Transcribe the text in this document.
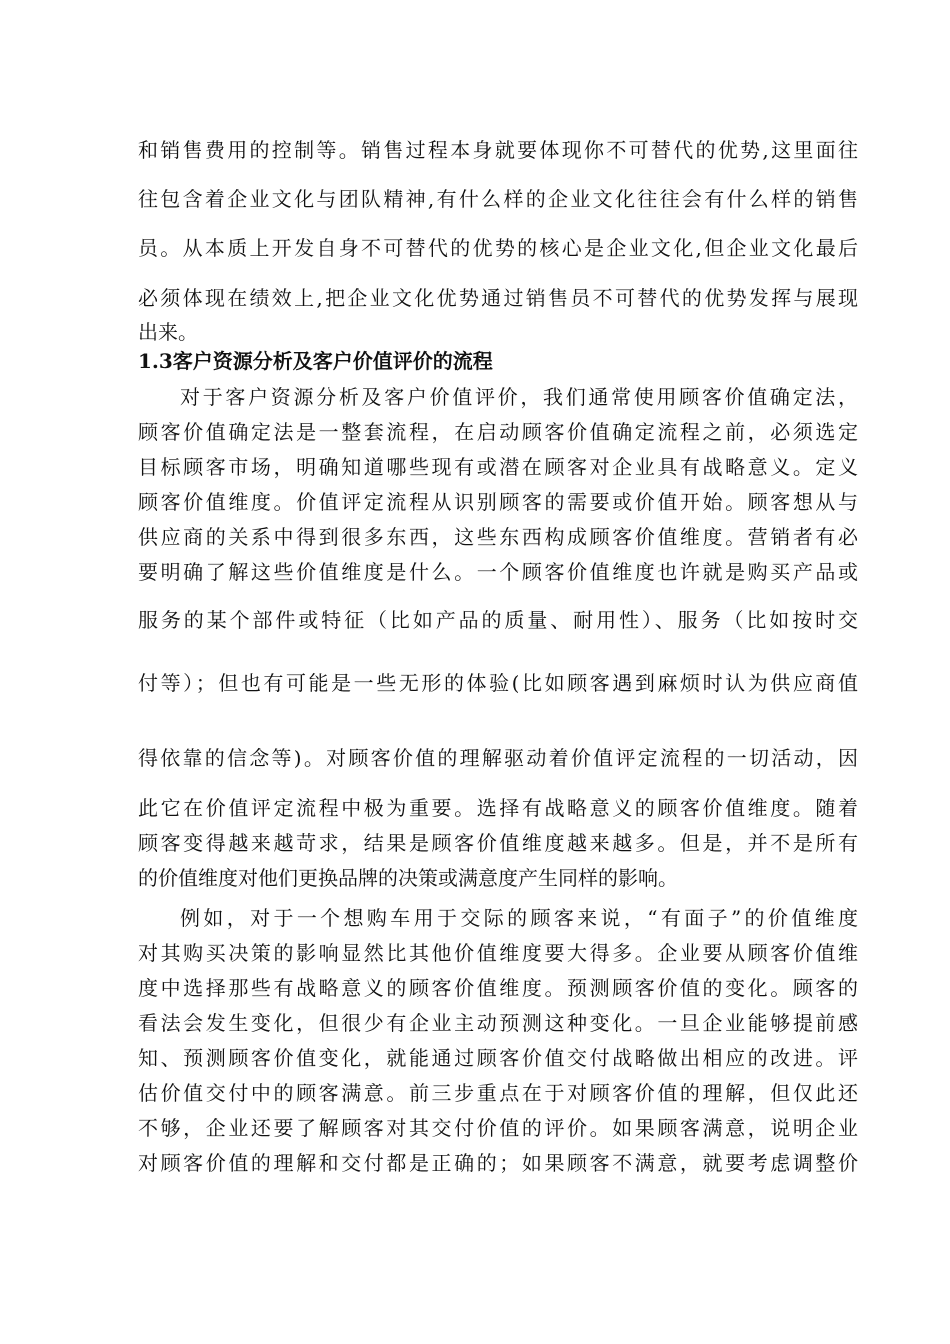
和销售费用的控制等。销售过程本身就要体现你不可替代的优势,这里面往
往包含着企业文化与团队精神,有什么样的企业文化往往会有什么样的销售
员。从本质上开发自身不可替代的优势的核心是企业文化,但企业文化最后
必须体现在绩效上,把企业文化优势通过销售员不可替代的优势发挥与展现
出来。
1.3客户资源分析及客户价值评价的流程
对于客户资源分析及客户价值评价，我们通常使用顾客价值确定法，
顾客价值确定法是一整套流程，在启动顾客价值确定流程之前，必须选定
目标顾客市场，明确知道哪些现有或潜在顾客对企业具有战略意义。定义
顾客价值维度。价值评定流程从识别顾客的需要或价值开始。顾客想从与
供应商的关系中得到很多东西，这些东西构成顾客价值维度。营销者有必
要明确了解这些价值维度是什么。一个顾客价值维度也许就是购买产品或
服务的某个部件或特征（比如产品的质量、耐用性）、服务（比如按时交
付等）；但也有可能是一些无形的体验(比如顾客遇到麻烦时认为供应商值
得依靠的信念等)。对顾客价值的理解驱动着价值评定流程的一切活动，因
此它在价值评定流程中极为重要。选择有战略意义的顾客价值维度。随着
顾客变得越来越苛求，结果是顾客价值维度越来越多。但是，并不是所有
的价值维度对他们更换品牌的决策或满意度产生同样的影响。
例如，对于一个想购车用于交际的顾客来说，“有面子”的价值维度
对其购买决策的影响显然比其他价值维度要大得多。企业要从顾客价值维
度中选择那些有战略意义的顾客价值维度。预测顾客价值的变化。顾客的
看法会发生变化，但很少有企业主动预测这种变化。一旦企业能够提前感
知、预测顾客价值变化，就能通过顾客价值交付战略做出相应的改进。评
估价值交付中的顾客满意。前三步重点在于对顾客价值的理解，但仅此还
不够，企业还要了解顾客对其交付价值的评价。如果顾客满意，说明企业
对顾客价值的理解和交付都是正确的；如果顾客不满意，就要考虑调整价
